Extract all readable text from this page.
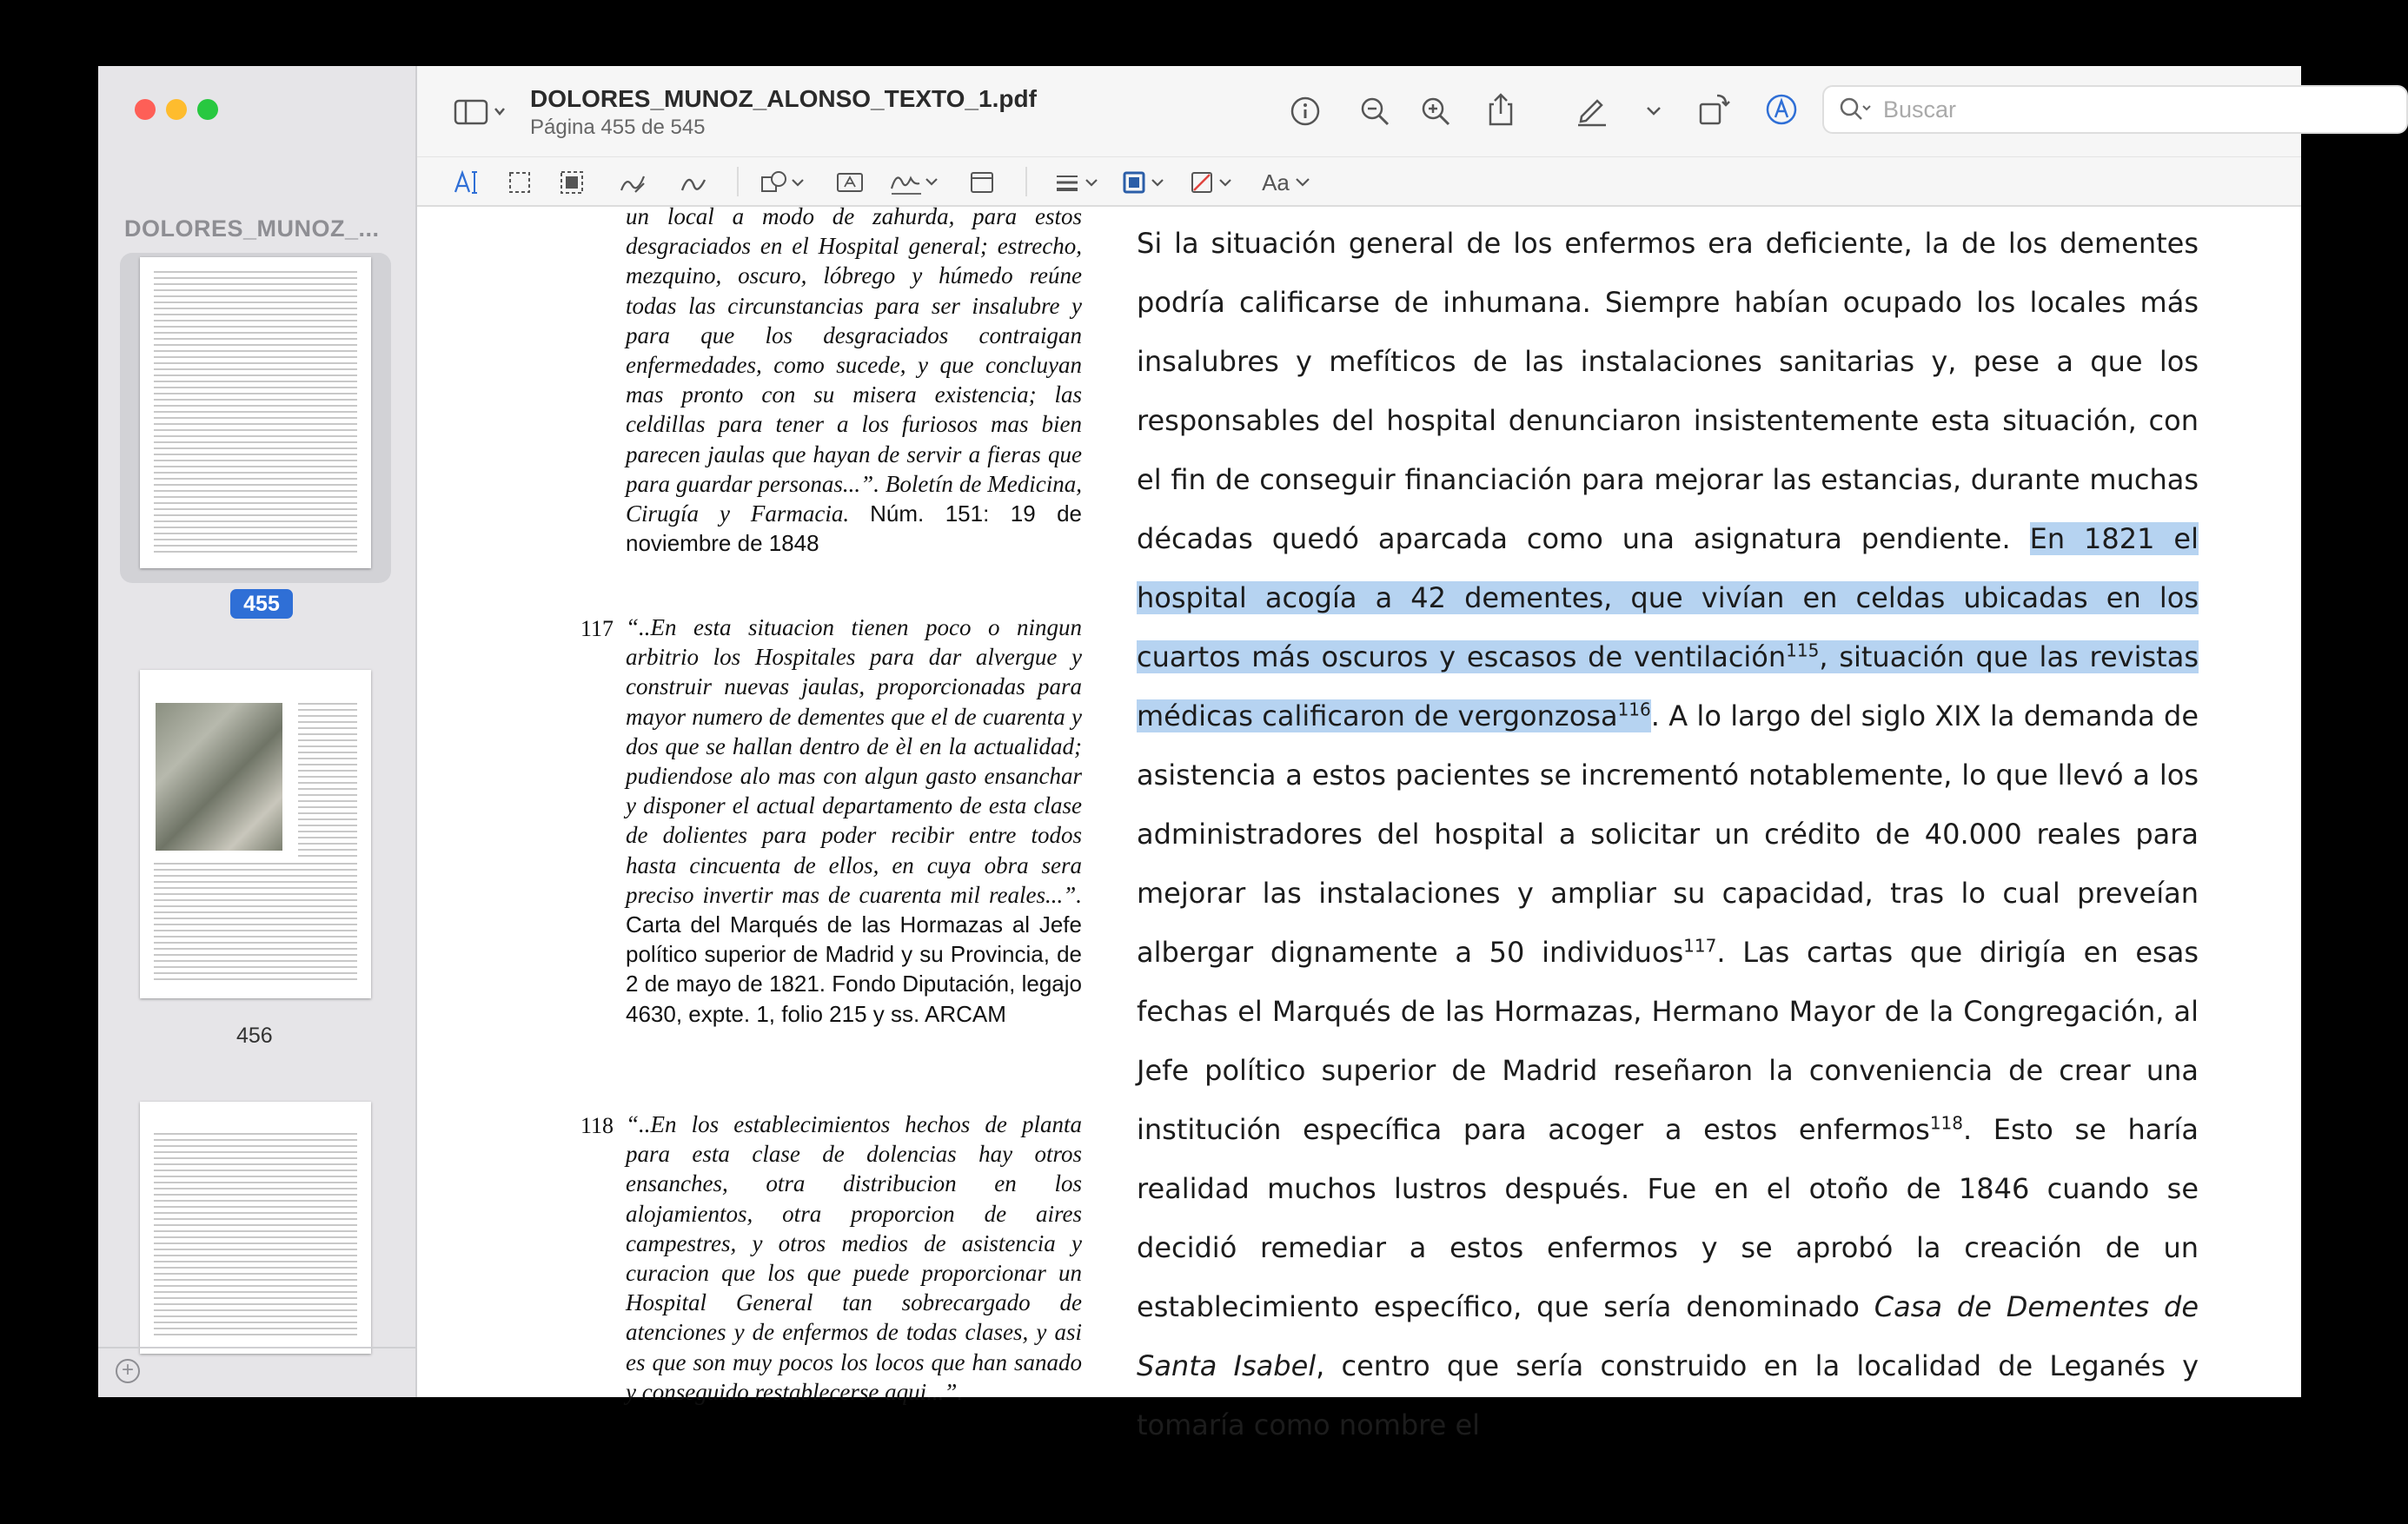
DOLORES_MUNOZ_...
455
456
+
DOLORES_MUNOZ_ALONSO_TEXTO_1.pdf
Página 455 de 545
Buscar
Aa
un local a modo de zahurda, para estos desgraciados en el Hospital general; estrecho, mezquino, oscuro, lóbrego y húmedo reúne todas las circunstancias para ser insalubre y para que los desgraciados contraigan enfermedades, como sucede, y que concluyan mas pronto con su misera existencia; las celdillas para tener a los furiosos mas bien parecen jaulas que hayan de servir a fieras que para guardar personas...”. Boletín de Medicina, Cirugía y Farmacia. Núm. 151: 19 de noviembre de 1848
117 “..En esta situacion tienen poco o ningun arbitrio los Hospitales para dar alvergue y construir nuevas jaulas, proporcionadas para mayor numero de dementes que el de cuarenta y dos que se hallan dentro de èl en la actualidad; pudiendose alo mas con algun gasto ensanchar y disponer el actual departamento de esta clase de dolientes para poder recibir entre todos hasta cincuenta de ellos, en cuya obra sera preciso invertir mas de cuarenta mil reales...”. Carta del Marqués de las Hormazas al Jefe político superior de Madrid y su Provincia, de 2 de mayo de 1821. Fondo Diputación, legajo 4630, expte. 1, folio 215 y ss. ARCAM
118 “..En los establecimientos hechos de planta para esta clase de dolencias hay otros ensanches, otra distribucion en los alojamientos, otra proporcion de aires campestres, y otros medios de asistencia y curacion que los que puede proporcionar un Hospital General tan sobrecargado de atenciones y de enfermos de todas clases, y asi es que son muy pocos los locos que han sanado y conseguido restablecerse aqui...”.
Si la situación general de los enfermos era deficiente, la de los dementes podría calificarse de inhumana. Siempre habían ocupado los locales más insalubres y mefíticos de las instalaciones sanitarias y, pese a que los responsables del hospital denunciaron insistentemente esta situación, con el fin de conseguir financiación para mejorar las estancias, durante muchas décadas quedó aparcada como una asignatura pendiente. En 1821 el hospital acogía a 42 dementes, que vivían en celdas ubicadas en los cuartos más oscuros y escasos de ventilación$^{115}$, situación que las revistas médicas calificaron de vergonzosa$^{116}$. A lo largo del siglo XIX la demanda de asistencia a estos pacientes se incrementó notablemente, lo que llevó a los administradores del hospital a solicitar un crédito de 40.000 reales para mejorar las instalaciones y ampliar su capacidad, tras lo cual preveían albergar dignamente a 50 individuos$^{117}$. Las cartas que dirigía en esas fechas el Marqués de las Hormazas, Hermano Mayor de la Congregación, al Jefe político superior de Madrid reseñaron la conveniencia de crear una institución específica para acoger a estos enfermos$^{118}$. Esto se haría realidad muchos lustros después. Fue en el otoño de 1846 cuando se decidió remediar a estos enfermos y se aprobó la creación de un establecimiento específico, que sería denominado Casa de Dementes de Santa Isabel, centro que sería construido en la localidad de Leganés y tomaría como nombre el
